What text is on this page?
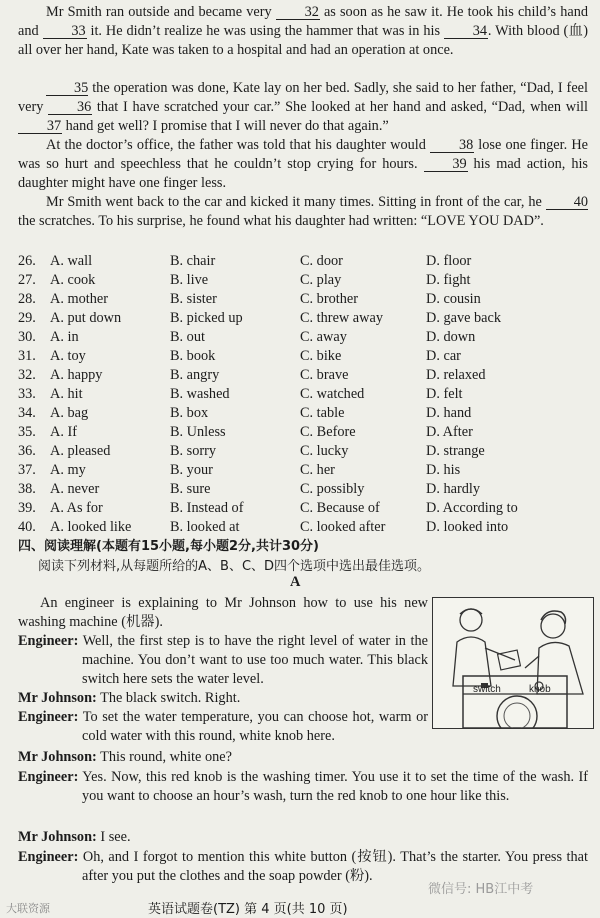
Mr Smith ran outside and became very 32 as soon as he saw it. He took his child’s hand and 33 it. He didn’t realize he was using the hammer that was in his 34. With blood (血) all over her hand, Kate was taken to a hospital and had an operation at once.

35 the operation was done, Kate lay on her bed. Sadly, she said to her father, “Dad, I feel very 36 that I have scratched your car.” She looked at her hand and asked, “Dad, when will 37 hand get well? I promise that I will never do that again.”

At the doctor’s office, the father was told that his daughter would 38 lose one finger. He was so hurt and speechless that he couldn’t stop crying for hours. 39 his mad action, his daughter might have one finger less.

Mr Smith went back to the car and kicked it many times. Sitting in front of the car, he 40 the scratches. To his surprise, he found what his daughter had written: “LOVE YOU DAD”.

26. A. wall	B. chair	C. door	D. floor
27. A. cook	B. live	C. play	D. fight
28. A. mother	B. sister	C. brother	D. cousin
29. A. put down	B. picked up	C. threw away	D. gave back
30. A. in	B. out	C. away	D. down
31. A. toy	B. book	C. bike	D. car
32. A. happy	B. angry	C. brave	D. relaxed
33. A. hit	B. washed	C. watched	D. felt
34. A. bag	B. box	C. table	D. hand
35. A. If	B. Unless	C. Before	D. After
36. A. pleased	B. sorry	C. lucky	D. strange
37. A. my	B. your	C. her	D. his
38. A. never	B. sure	C. possibly	D. hardly
39. A. As for	B. Instead of	C. Because of	D. According to
40. A. looked like	B. looked at	C. looked after	D. looked into
四、阅读理解(本题有15小题,每小题2分,共计30分)
阅读下列材料,从每题所给的A、B、C、D四个选项中选出最佳选项。
A
An engineer is explaining to Mr Johnson how to use his new washing machine (机器).
switch	knob
Engineer: Well, the first step is to have the right level of water in the machine. You don’t want to use too much water. This black switch here sets the water level.
Mr Johnson: The black switch. Right.
Engineer: To set the water temperature, you can choose hot, warm or cold water with this round, white knob here.
Mr Johnson: This round, white one?
Engineer: Yes. Now, this red knob is the washing timer. You use it to set the time of the wash. If you want to choose an hour’s wash, turn the red knob to one hour like this.
Mr Johnson: I see.
Engineer: Oh, and I forgot to mention this white button (按钮). That’s the starter. You press that after you put the clothes and the soap powder (粉).
英语试题卷(TZ) 第 4 页(共 10 页)
大联资源
微信号: HB江中考
